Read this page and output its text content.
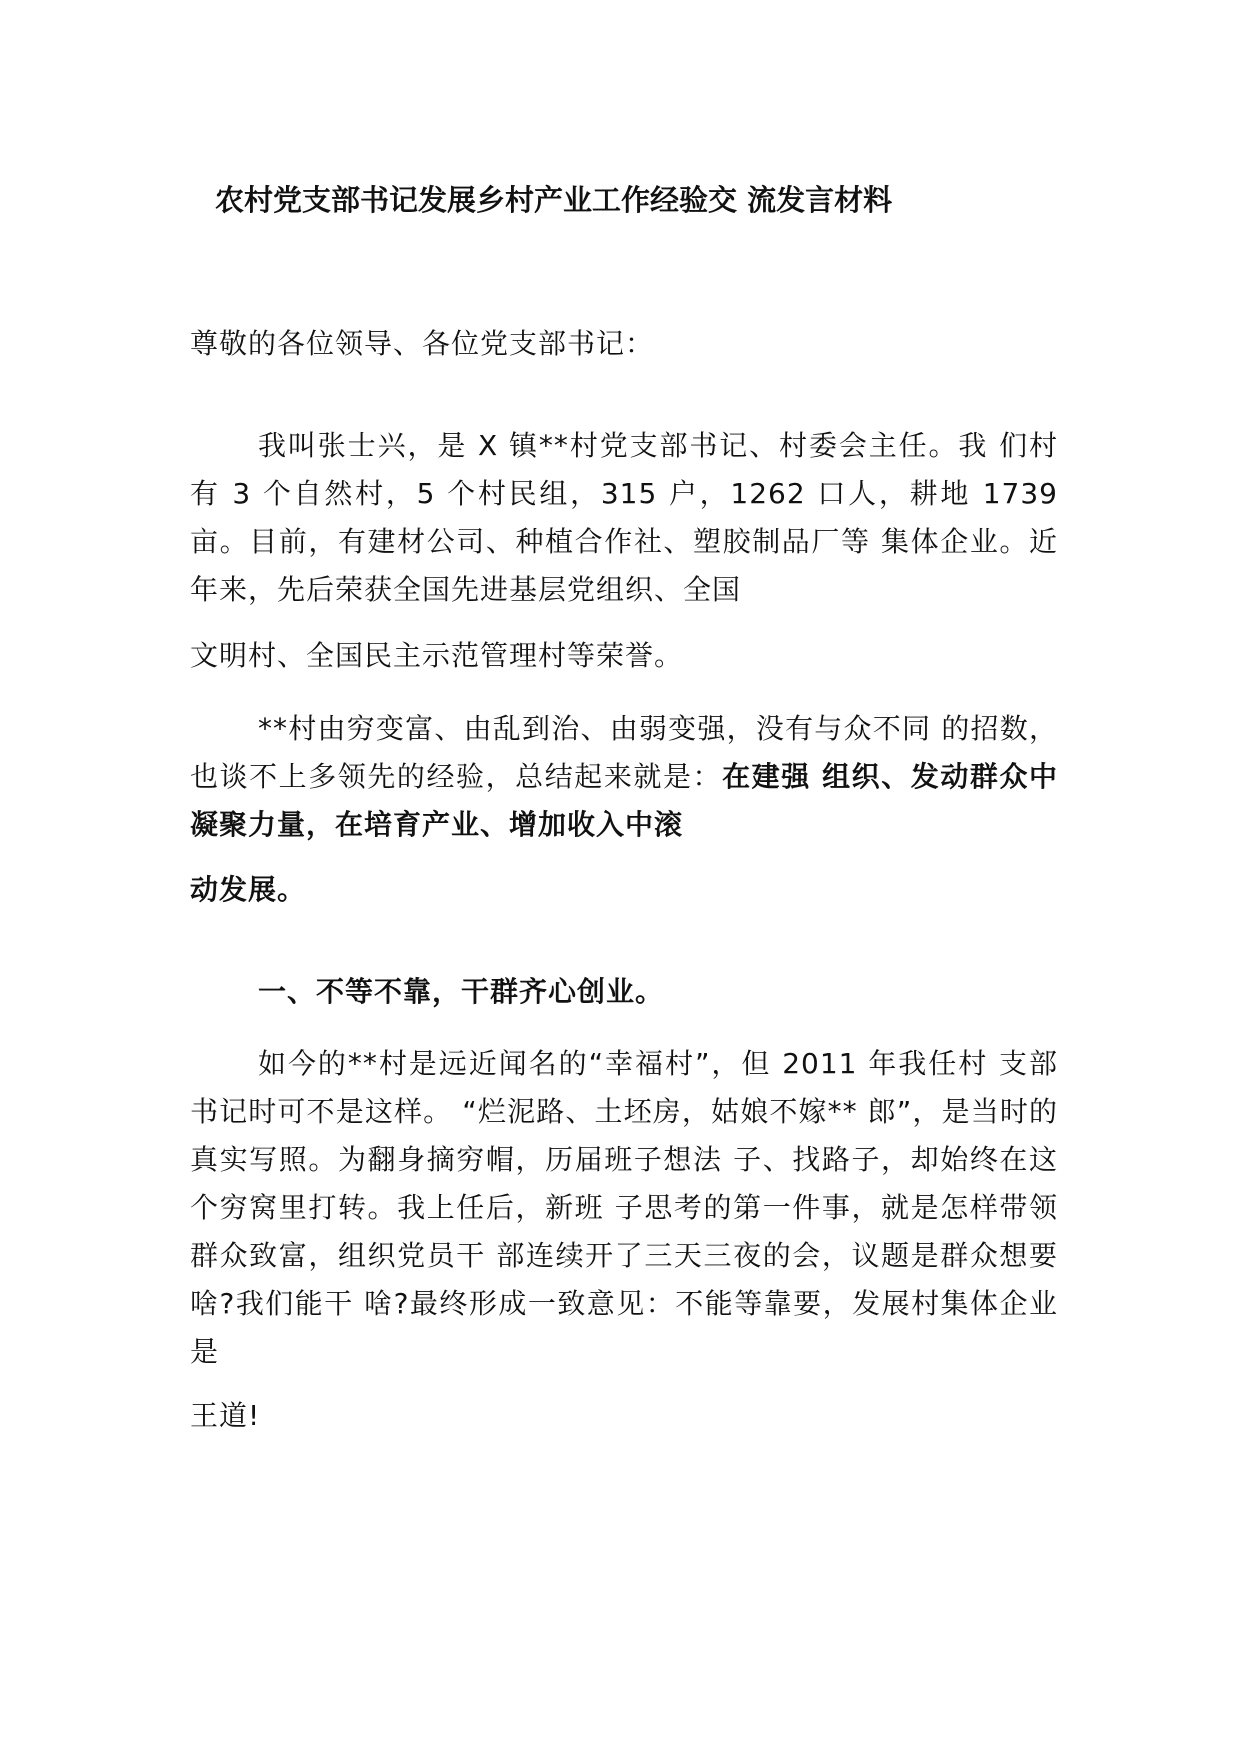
农村党支部书记发展乡村产业工作经验交 流发言材料

尊敬的各位领导、各位党支部书记：

我叫张士兴，是 X 镇**村党支部书记、村委会主任。我 们村有 3 个自然村，5 个村民组，315 户，1262 口人，耕地 1739 亩。目前，有建材公司、种植合作社、塑胶制品厂等 集体企业。近年来，先后荣获全国先进基层党组织、全国

文明村、全国民主示范管理村等荣誉。

**村由穷变富、由乱到治、由弱变强，没有与众不同 的招数，也谈不上多领先的经验，总结起来就是：在建强 组织、发动群众中凝聚力量，在培育产业、增加收入中滚

动发展。

一、不等不靠，干群齐心创业。

如今的**村是远近闻名的“幸福村”，但 2011 年我任村 支部书记时可不是这样。 “烂泥路、土坯房，姑娘不嫁** 郎”，是当时的真实写照。为翻身摘穷帽，历届班子想法 子、找路子，却始终在这个穷窝里打转。我上任后，新班 子思考的第一件事，就是怎样带领群众致富，组织党员干 部连续开了三天三夜的会，议题是群众想要啥?我们能干 啥?最终形成一致意见：不能等靠要，发展村集体企业是

王道!
